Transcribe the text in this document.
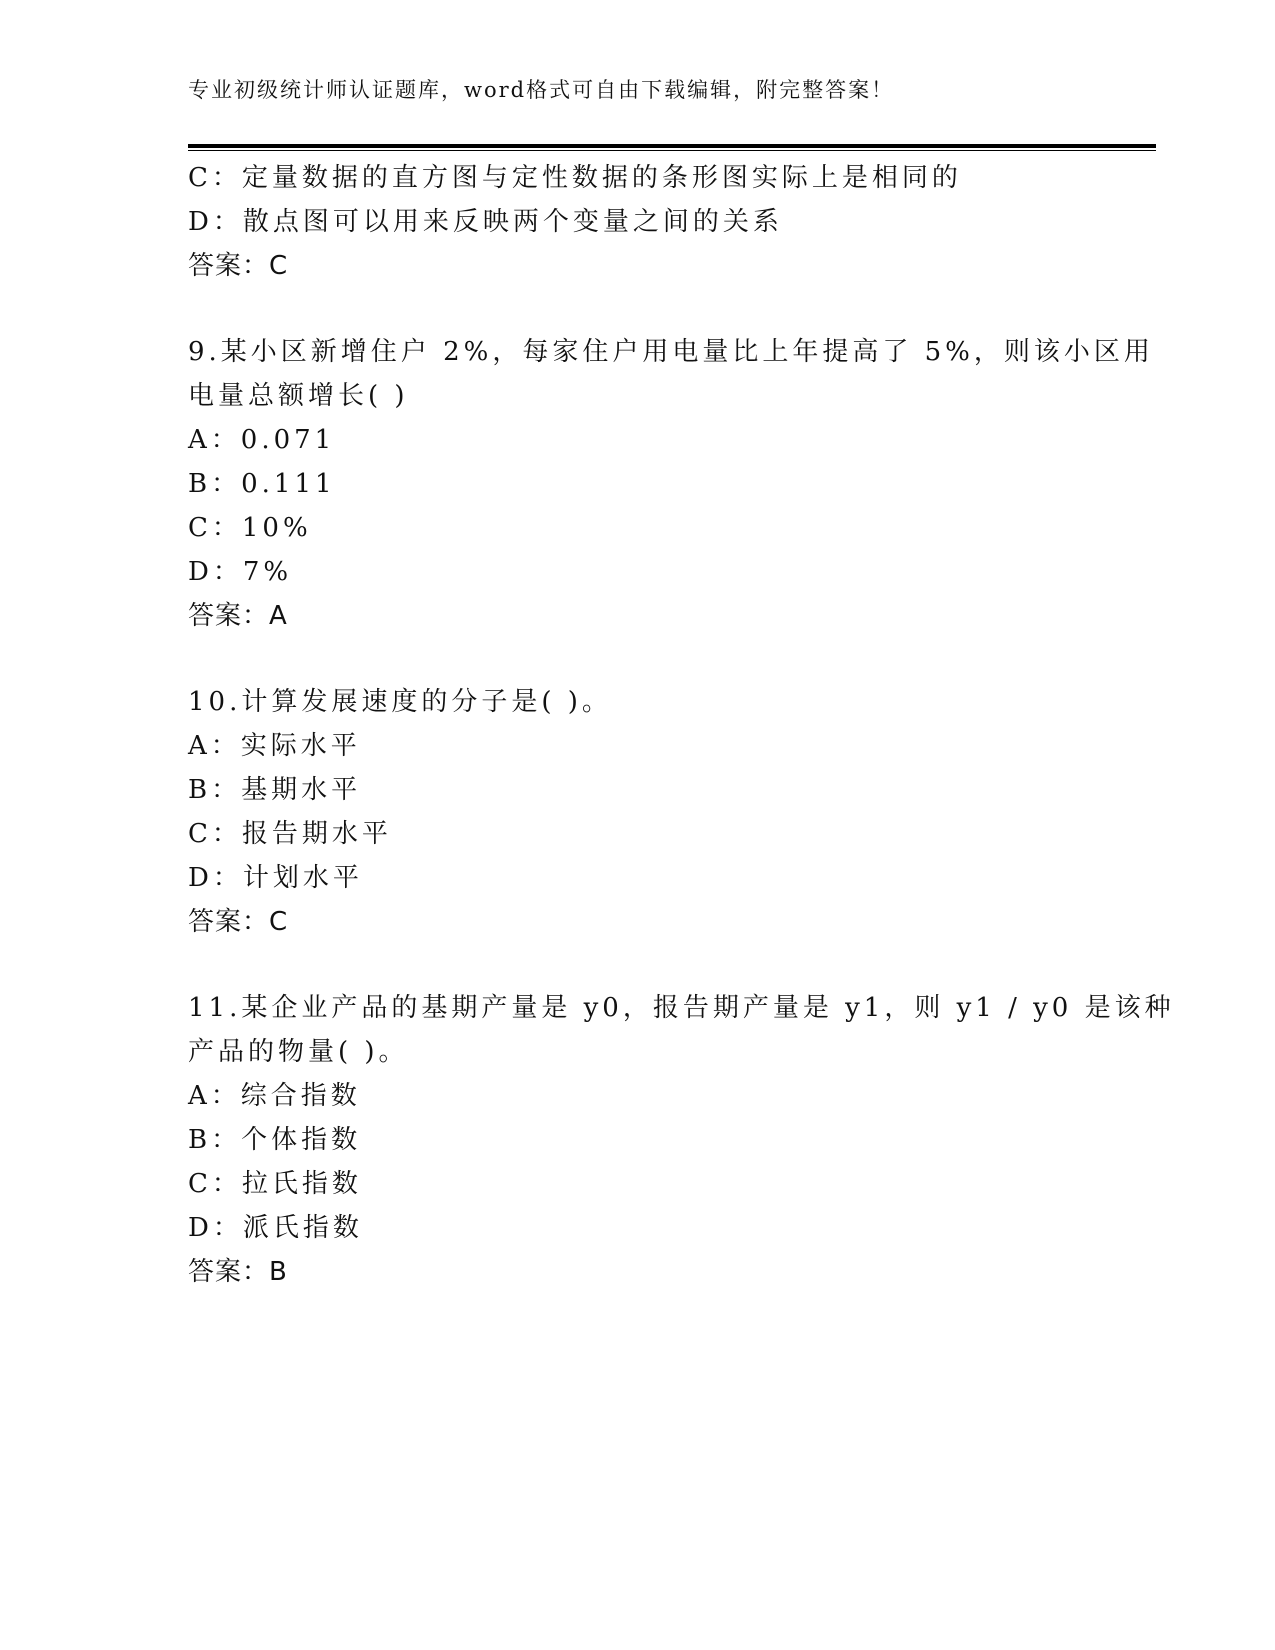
专业初级统计师认证题库，word格式可自由下载编辑，附完整答案！
C：定量数据的直方图与定性数据的条形图实际上是相同的
D：散点图可以用来反映两个变量之间的关系
答案：C
9.某小区新增住户 2%，每家住户用电量比上年提高了 5%，则该小区用
电量总额增长( )
A：0.071
B：0.111
C：10%
D：7%
答案：A
10.计算发展速度的分子是( )。
A：实际水平
B：基期水平
C：报告期水平
D：计划水平
答案：C
11.某企业产品的基期产量是 y0，报告期产量是 y1，则 y1 / y0 是该种
产品的物量( )。
A：综合指数
B：个体指数
C：拉氏指数
D：派氏指数
答案：B
